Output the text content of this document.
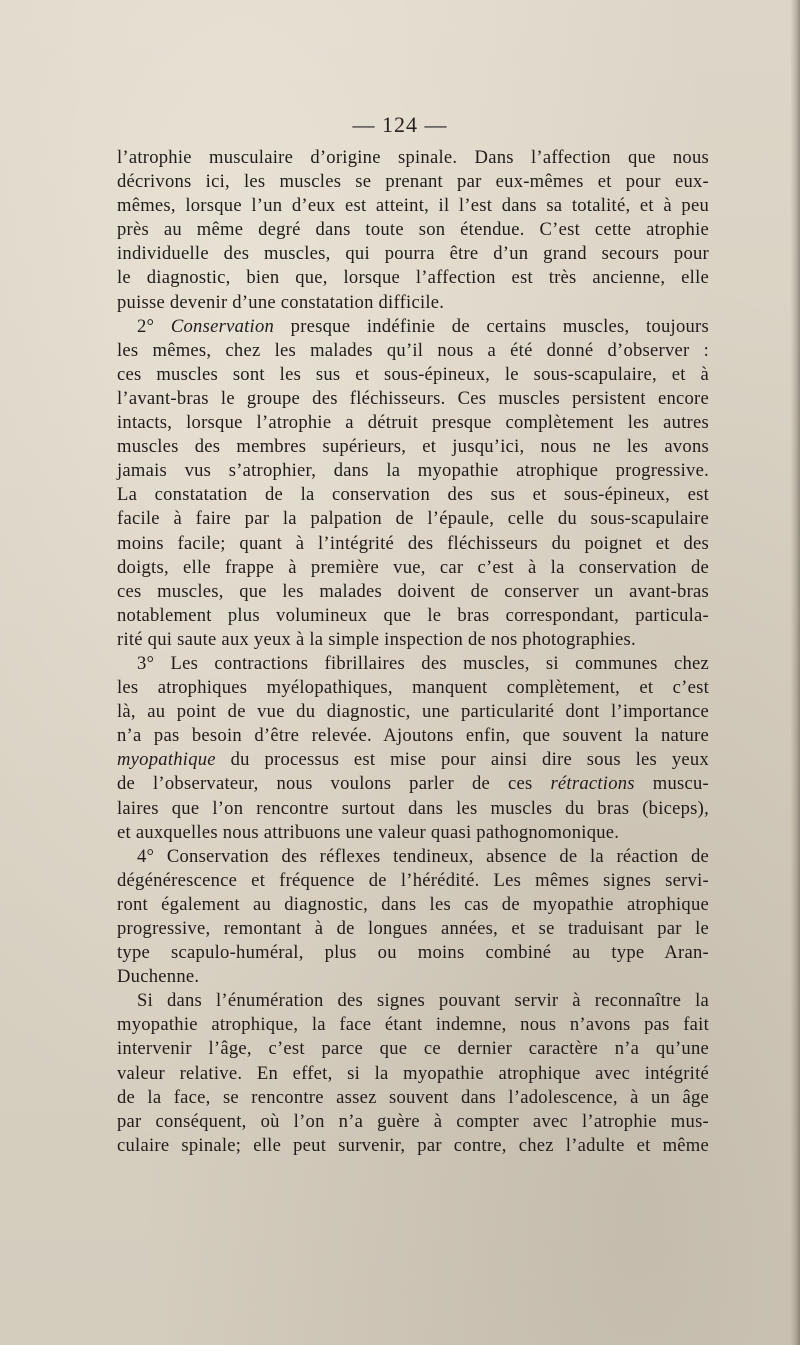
— 124 —
l’atrophie musculaire d’origine spinale. Dans l’affection que nous
décrivons ici, les muscles se prenant par eux-mêmes et pour eux-
mêmes, lorsque l’un d’eux est atteint, il l’est dans sa totalité, et à peu
près au même degré dans toute son étendue. C’est cette atrophie
individuelle des muscles, qui pourra être d’un grand secours pour
le diagnostic, bien que, lorsque l’affection est très ancienne, elle
puisse devenir d’une constatation difficile.
2° Conservation presque indéfinie de certains muscles, toujours
les mêmes, chez les malades qu’il nous a été donné d’observer :
ces muscles sont les sus et sous-épineux, le sous-scapulaire, et à
l’avant-bras le groupe des fléchisseurs. Ces muscles persistent encore
intacts, lorsque l’atrophie a détruit presque complètement les autres
muscles des membres supérieurs, et jusqu’ici, nous ne les avons
jamais vus s’atrophier, dans la myopathie atrophique progressive.
La constatation de la conservation des sus et sous-épineux, est
facile à faire par la palpation de l’épaule, celle du sous-scapulaire
moins facile; quant à l’intégrité des fléchisseurs du poignet et des
doigts, elle frappe à première vue, car c’est à la conservation de
ces muscles, que les malades doivent de conserver un avant-bras
notablement plus volumineux que le bras correspondant, particula-
rité qui saute aux yeux à la simple inspection de nos photographies.
3° Les contractions fibrillaires des muscles, si communes chez
les atrophiques myélopathiques, manquent complètement, et c’est
là, au point de vue du diagnostic, une particularité dont l’importance
n’a pas besoin d’être relevée. Ajoutons enfin, que souvent la nature
myopathique du processus est mise pour ainsi dire sous les yeux
de l’observateur, nous voulons parler de ces rétractions muscu-
laires que l’on rencontre surtout dans les muscles du bras (biceps),
et auxquelles nous attribuons une valeur quasi pathognomonique.
4° Conservation des réflexes tendineux, absence de la réaction de
dégénérescence et fréquence de l’hérédité. Les mêmes signes servi-
ront également au diagnostic, dans les cas de myopathie atrophique
progressive, remontant à de longues années, et se traduisant par le
type scapulo-huméral, plus ou moins combiné au type Aran-
Duchenne.
Si dans l’énumération des signes pouvant servir à reconnaître la
myopathie atrophique, la face étant indemne, nous n’avons pas fait
intervenir l’âge, c’est parce que ce dernier caractère n’a qu’une
valeur relative. En effet, si la myopathie atrophique avec intégrité
de la face, se rencontre assez souvent dans l’adolescence, à un âge
par conséquent, où l’on n’a guère à compter avec l’atrophie mus-
culaire spinale; elle peut survenir, par contre, chez l’adulte et même
